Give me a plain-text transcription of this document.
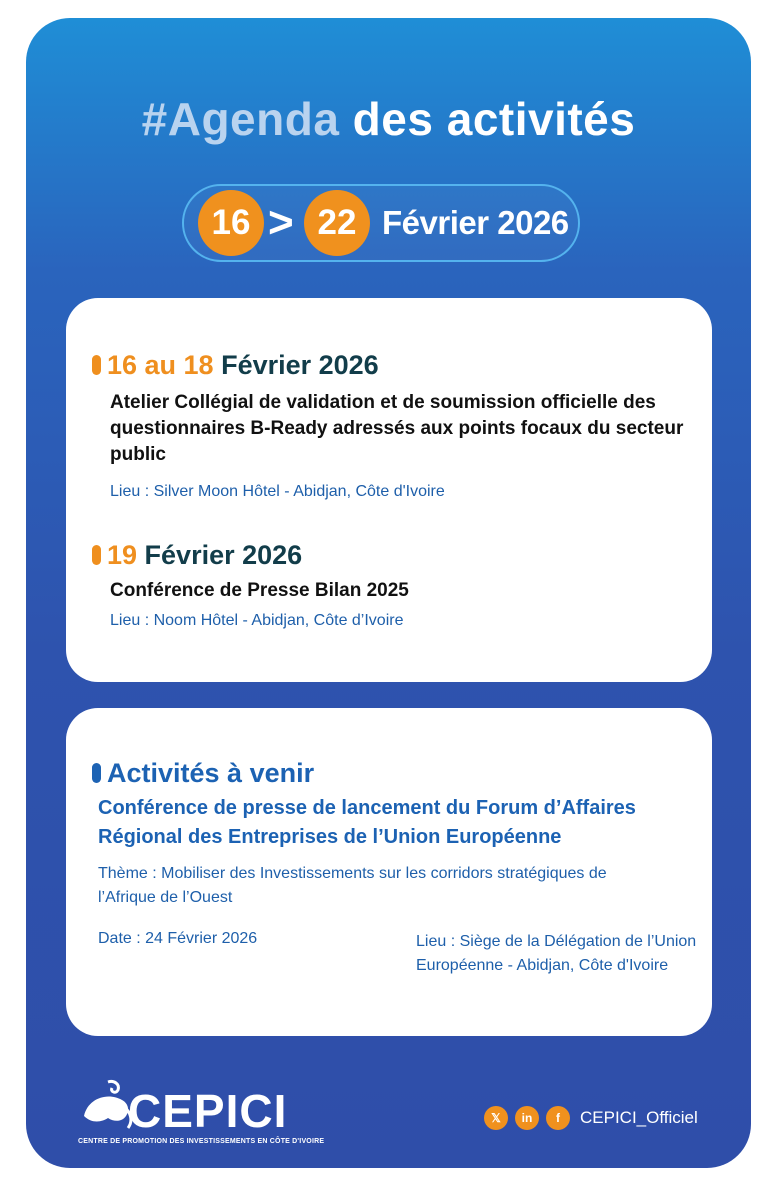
#Agenda des activités
16 > 22 Février 2026
16 au 18 Février 2026
Atelier Collégial de validation et de soumission officielle des questionnaires B-Ready adressés aux points focaux du secteur public
Lieu : Silver Moon Hôtel - Abidjan, Côte d'Ivoire
19 Février 2026
Conférence de Presse Bilan 2025
Lieu : Noom Hôtel - Abidjan, Côte d’Ivoire
Activités à venir
Conférence de presse de lancement du Forum d’Affaires Régional des Entreprises de l’Union Européenne
Thème : Mobiliser des Investissements sur les corridors stratégiques de l’Afrique de l’Ouest
Date : 24 Février 2026	Lieu : Siège de la Délégation de l’Union Européenne - Abidjan, Côte d'Ivoire
CEPICI
CENTRE DE PROMOTION DES INVESTISSEMENTS EN CÔTE D'IVOIRE
𝕏	in	f	CEPICI_Officiel
